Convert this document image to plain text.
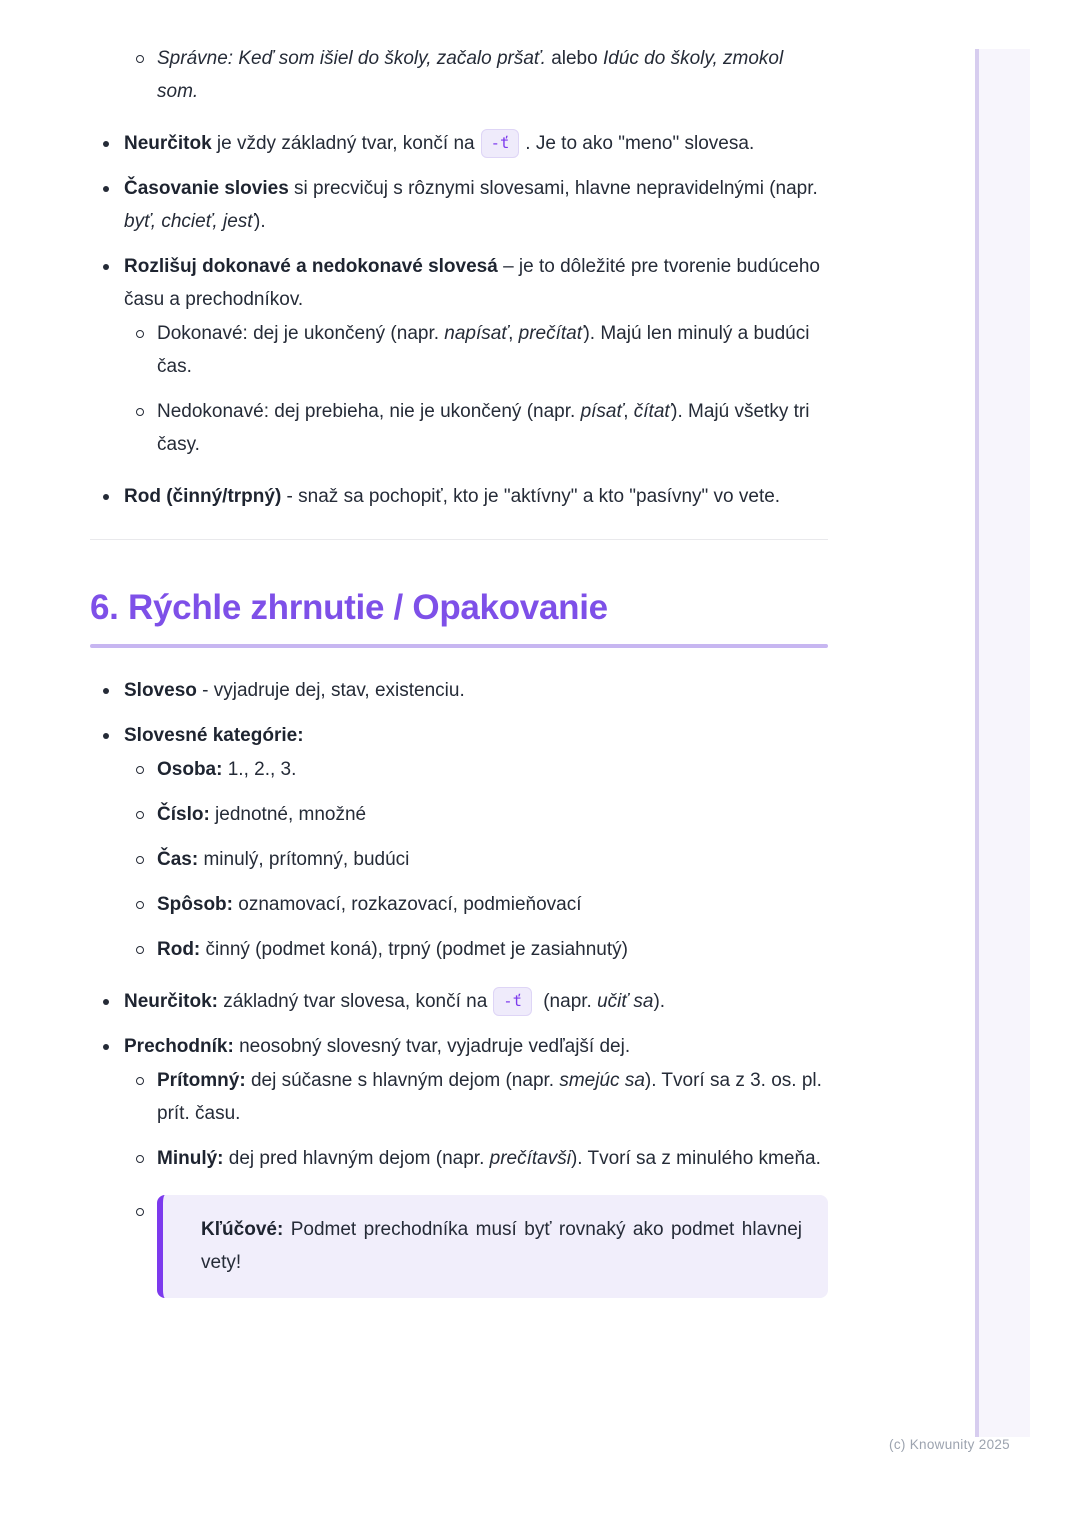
Správne: Keď som išiel do školy, začalo pršať. alebo Idúc do školy, zmokol som.
Neurčitok je vždy základný tvar, končí na -ť . Je to ako "meno" slovesa.
Časovanie slovies si precvičuj s rôznymi slovesami, hlavne nepravidelnými (napr. byť, chcieť, jesť).
Rozlišuj dokonavé a nedokonavé slovesá – je to dôležité pre tvorenie budúceho času a prechodníkov.
Dokonavé: dej je ukončený (napr. napísať, prečítať). Majú len minulý a budúci čas.
Nedokonavé: dej prebieha, nie je ukončený (napr. písať, čítať). Majú všetky tri časy.
Rod (činný/trpný) - snaž sa pochopiť, kto je "aktívny" a kto "pasívny" vo vete.
6. Rýchle zhrnutie / Opakovanie
Sloveso - vyjadruje dej, stav, existenciu.
Slovesné kategórie:
Osoba: 1., 2., 3.
Číslo: jednotné, množné
Čas: minulý, prítomný, budúci
Spôsob: oznamovací, rozkazovací, podmieňovací
Rod: činný (podmet koná), trpný (podmet je zasiahnutý)
Neurčitok: základný tvar slovesa, končí na -ť (napr. učiť sa).
Prechodník: neosobný slovesný tvar, vyjadruje vedľajší dej.
Prítomný: dej súčasne s hlavným dejom (napr. smejúc sa). Tvorí sa z 3. os. pl. prít. času.
Minulý: dej pred hlavným dejom (napr. prečítavši). Tvorí sa z minulého kmeňa.
Kľúčové: Podmet prechodníka musí byť rovnaký ako podmet hlavnej vety!
(c) Knowunity 2025
